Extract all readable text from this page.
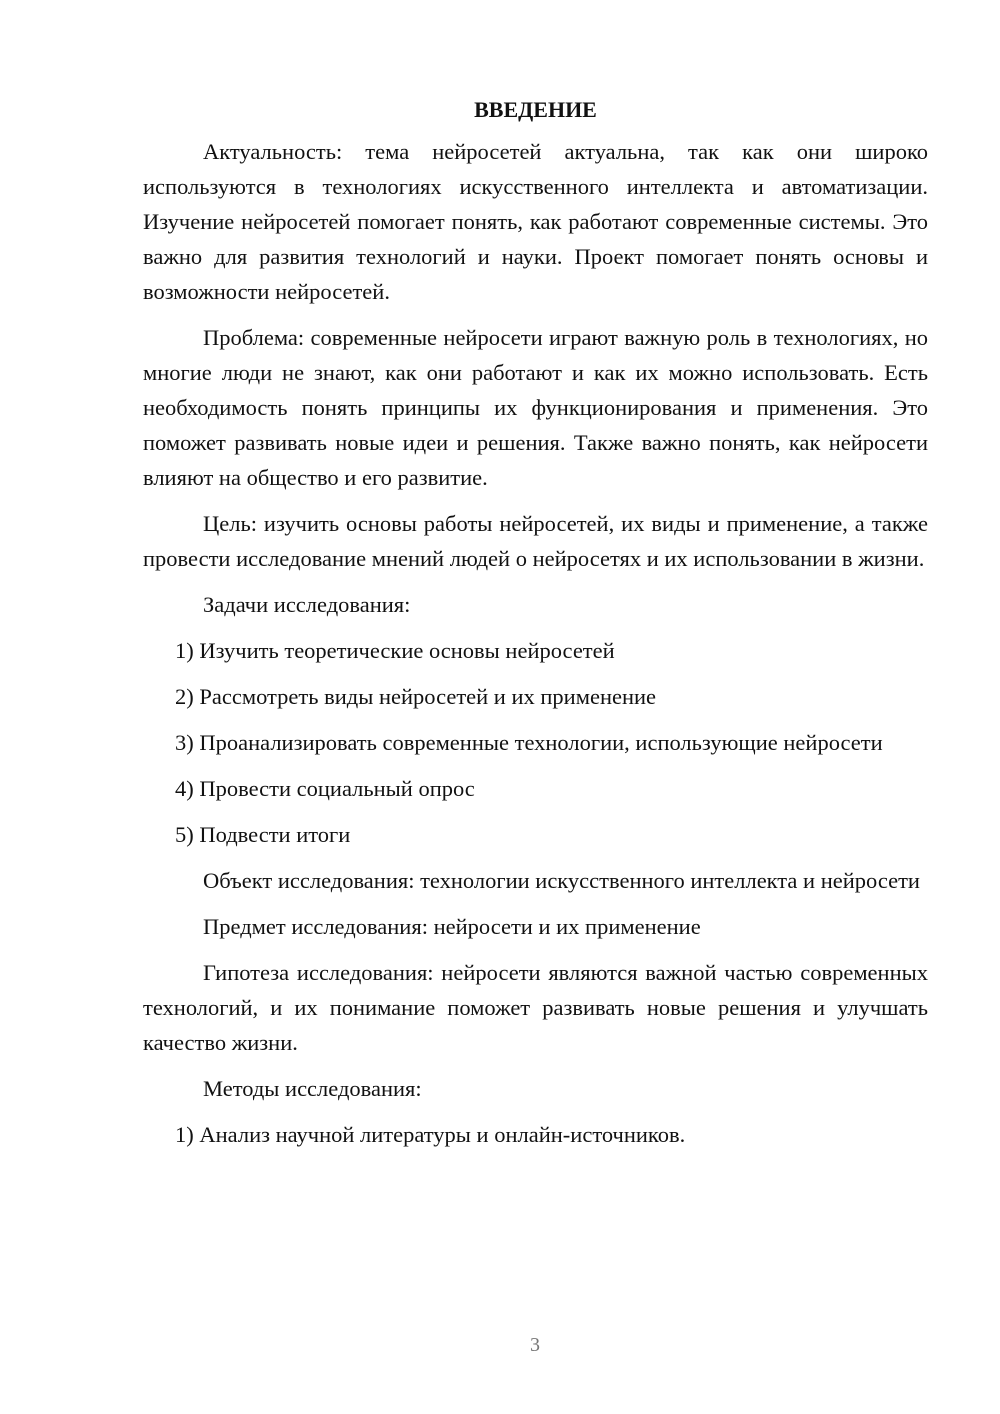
ВВЕДЕНИЕ

Актуальность: тема нейросетей актуальна, так как они широко используются в технологиях искусственного интеллекта и автоматизации. Изучение нейросетей помогает понять, как работают современные системы. Это важно для развития технологий и науки. Проект помогает понять основы и возможности нейросетей.

Проблема: современные нейросети играют важную роль в технологиях, но многие люди не знают, как они работают и как их можно использовать. Есть необходимость понять принципы их функционирования и применения. Это поможет развивать новые идеи и решения. Также важно понять, как нейросети влияют на общество и его развитие.

Цель: изучить основы работы нейросетей, их виды и применение, а также провести исследование мнений людей о нейросетях и их использовании в жизни.

Задачи исследования:

1) Изучить теоретические основы нейросетей

2) Рассмотреть виды нейросетей и их применение

3) Проанализировать современные технологии, использующие нейросети

4) Провести социальный опрос

5) Подвести итоги

Объект исследования: технологии искусственного интеллекта и нейросети

Предмет исследования: нейросети и их применение

Гипотеза исследования: нейросети являются важной частью современных технологий, и их понимание поможет развивать новые решения и улучшать качество жизни.

Методы исследования:

1) Анализ научной литературы и онлайн-источников.

3
